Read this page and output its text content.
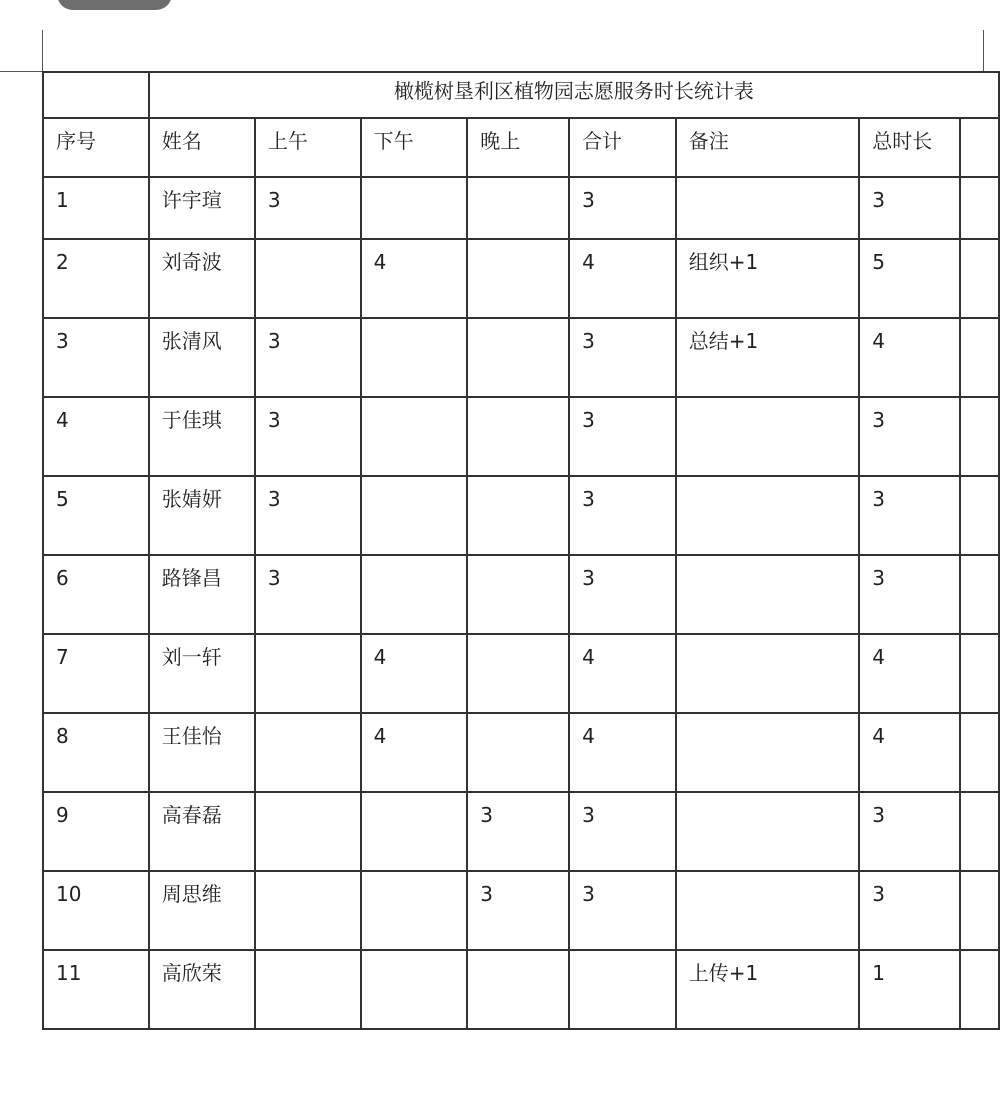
	橄榄树垦利区植物园志愿服务时长统计表							

序号	姓名	上午	下午	晚上	合计	备注	总时长	

1	许宇瑄	3			3		3	

2	刘奇波		4		4	组织+1	5	

3	张清风	3			3	总结+1	4	

4	于佳琪	3			3		3	

5	张婧妍	3			3		3	

6	路锋昌	3			3		3	

7	刘一轩		4		4		4	

8	王佳怡		4		4		4	

9	高春磊			3	3		3	

10	周思维			3	3		3	

11	高欣荣					上传+1	1	
